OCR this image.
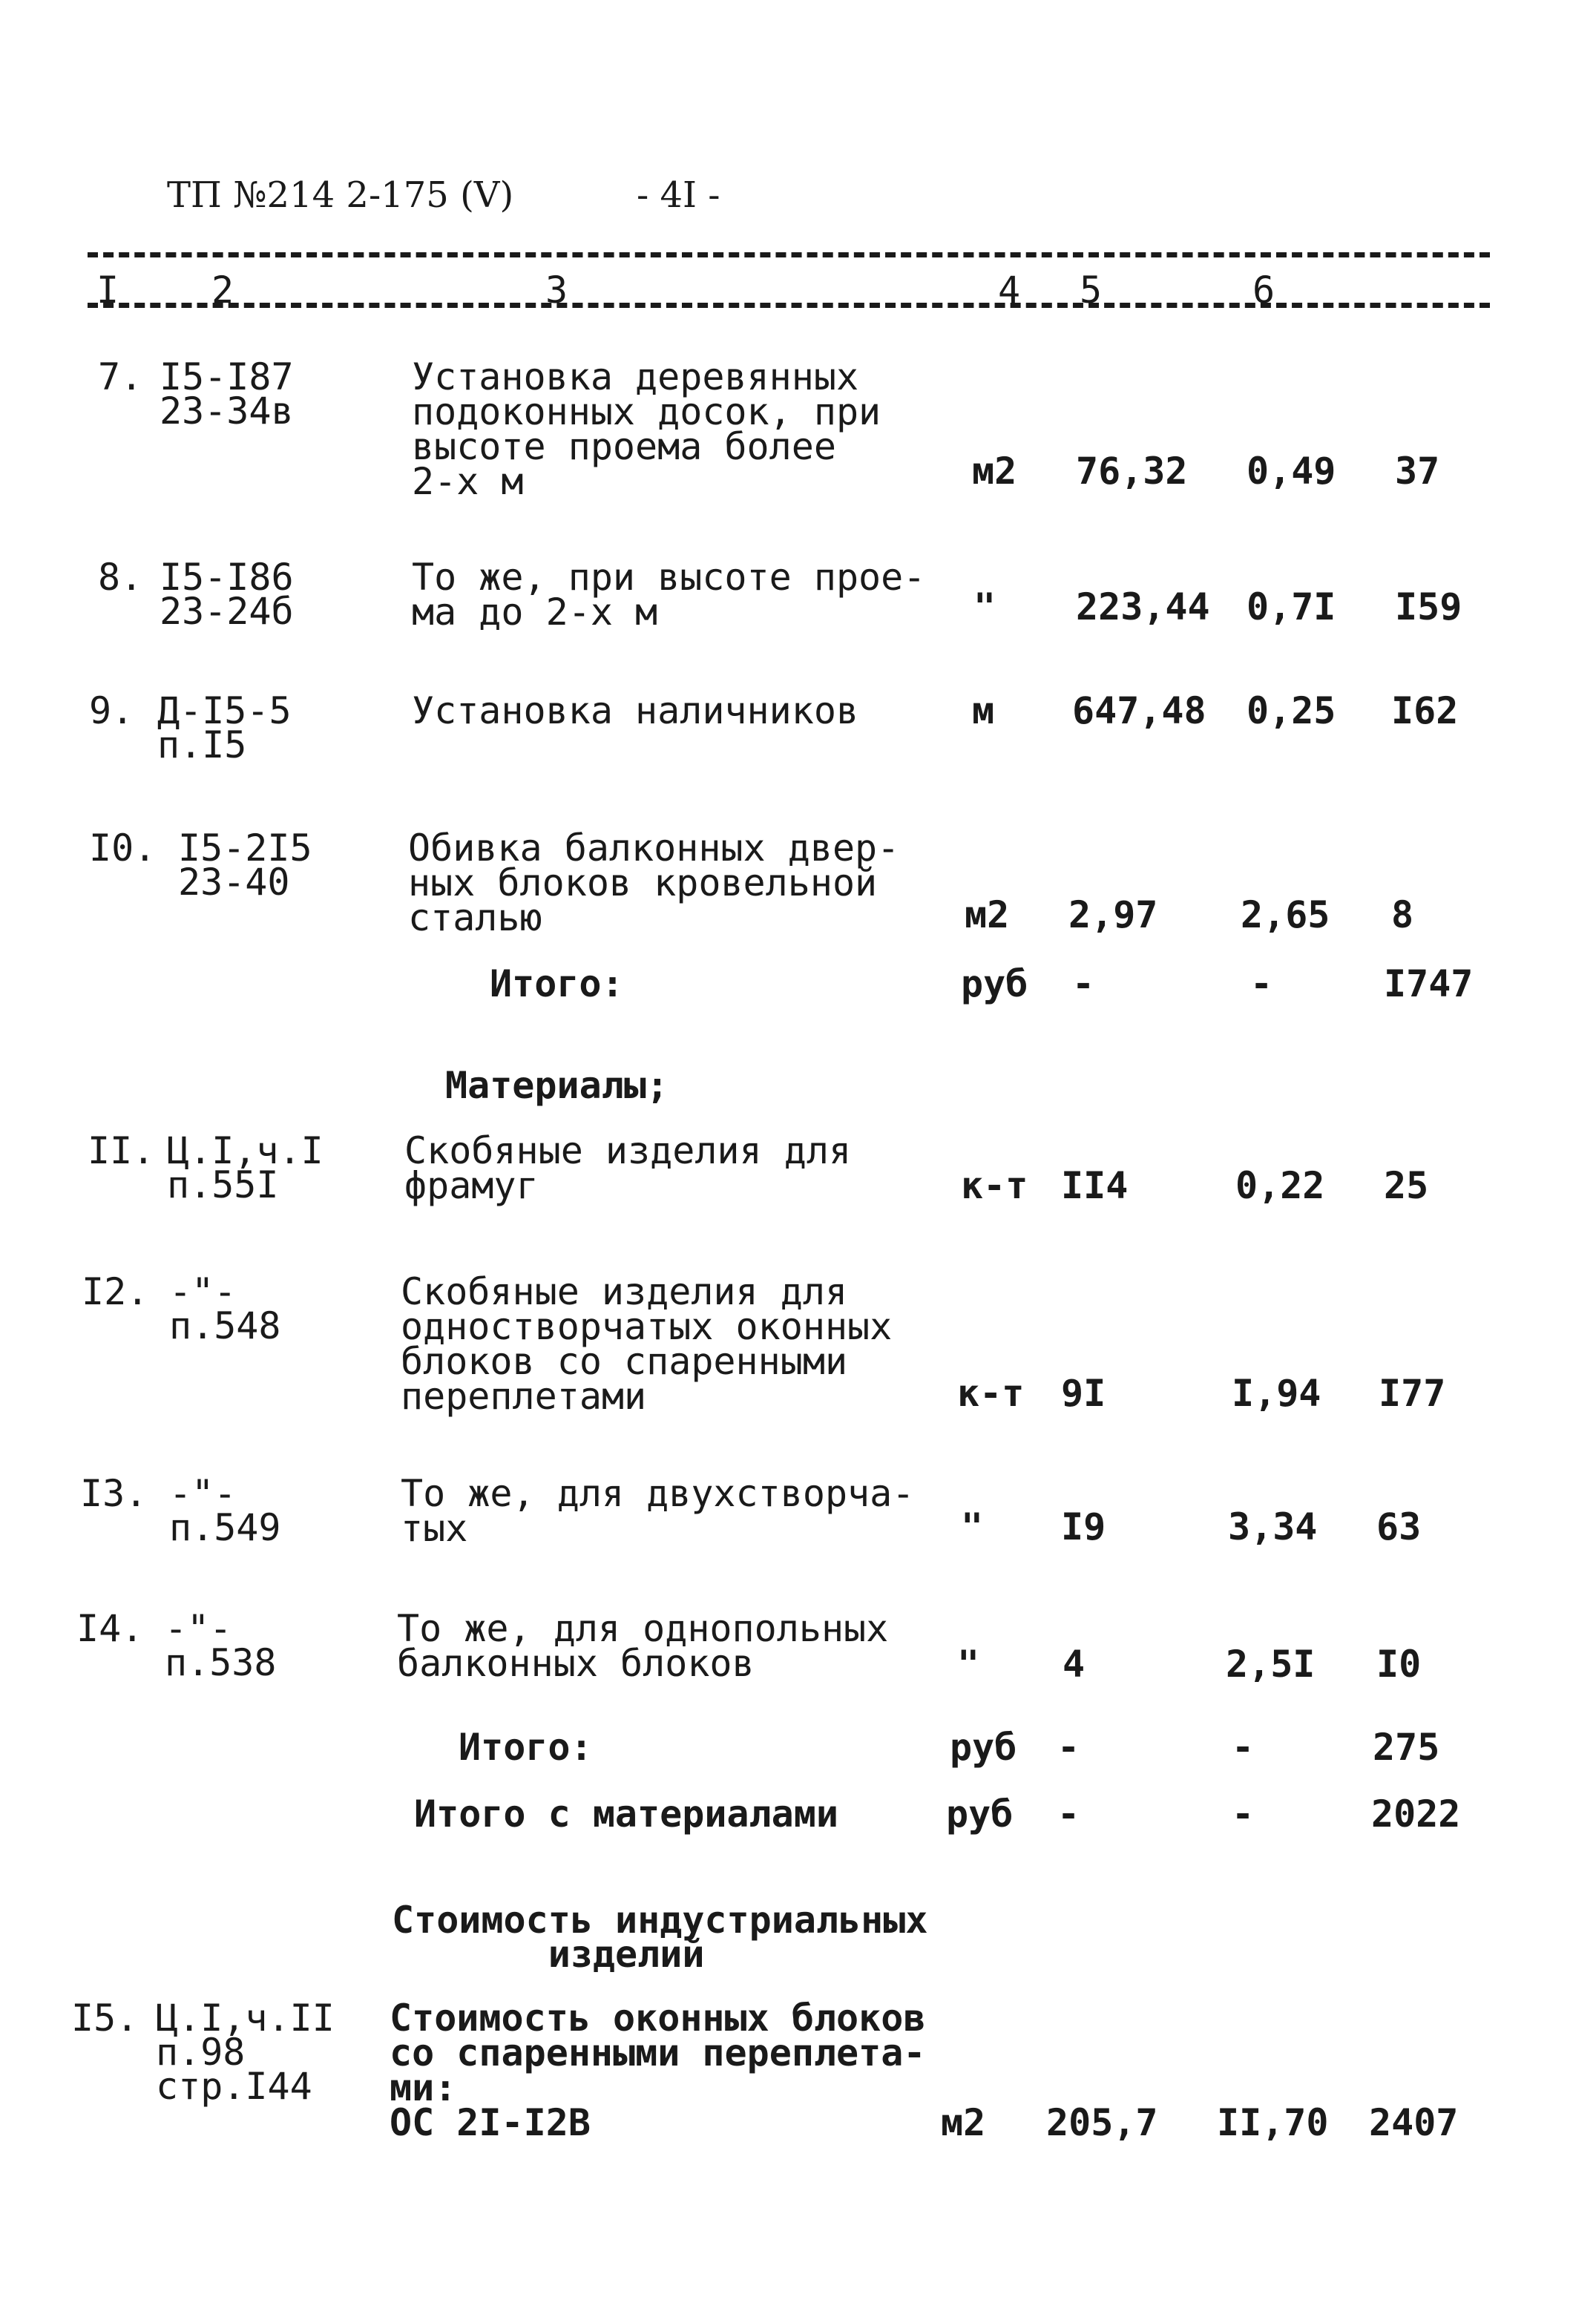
ТП №214 2-175 (V)	- 4I -
I 2	3	4 5	6
7. I5-I87
23-34в
Установка деревянных
подоконных досок, при
высоте проема более
2-х м	м2 76,32 0,49 37
8. I5-I86
23-24б
То же, при высоте прое-
ма до 2-х м	" 223,44 0,7I I59
9. Д-I5-5
п.I5
Установка наличников	м 647,48 0,25 I62
I0. I5-2I5
23-40
Обивка балконных двер-
ных блоков кровельной
сталью	м2 2,97 2,65 8
Итого:	руб -	-	I747
Материалы;
II. Ц.I,ч.I
п.55I
Скобяные изделия для
фрамуг	к-т II4	0,22 25
I2. -"-
п.548
Скобяные изделия для
одностворчатых оконных
блоков со спаренными
переплетами	к-т 9I	I,94 I77
I3. -"-
п.549
То же, для двухстворча-
тых	" I9	3,34 63
I4. -"-
п.538
То же, для однопольных
балконных блоков	" 4	2,5I I0
Итого:	руб -	-	275
Итого с материалами	руб -	-	2022
Стоимость индустриальных
изделий
I5. Ц.I,ч.II
п.98
стр.I44
Стоимость оконных блоков
со спаренными переплета-
ми:
ОС 2I-I2В	м2 205,7 II,70 2407
